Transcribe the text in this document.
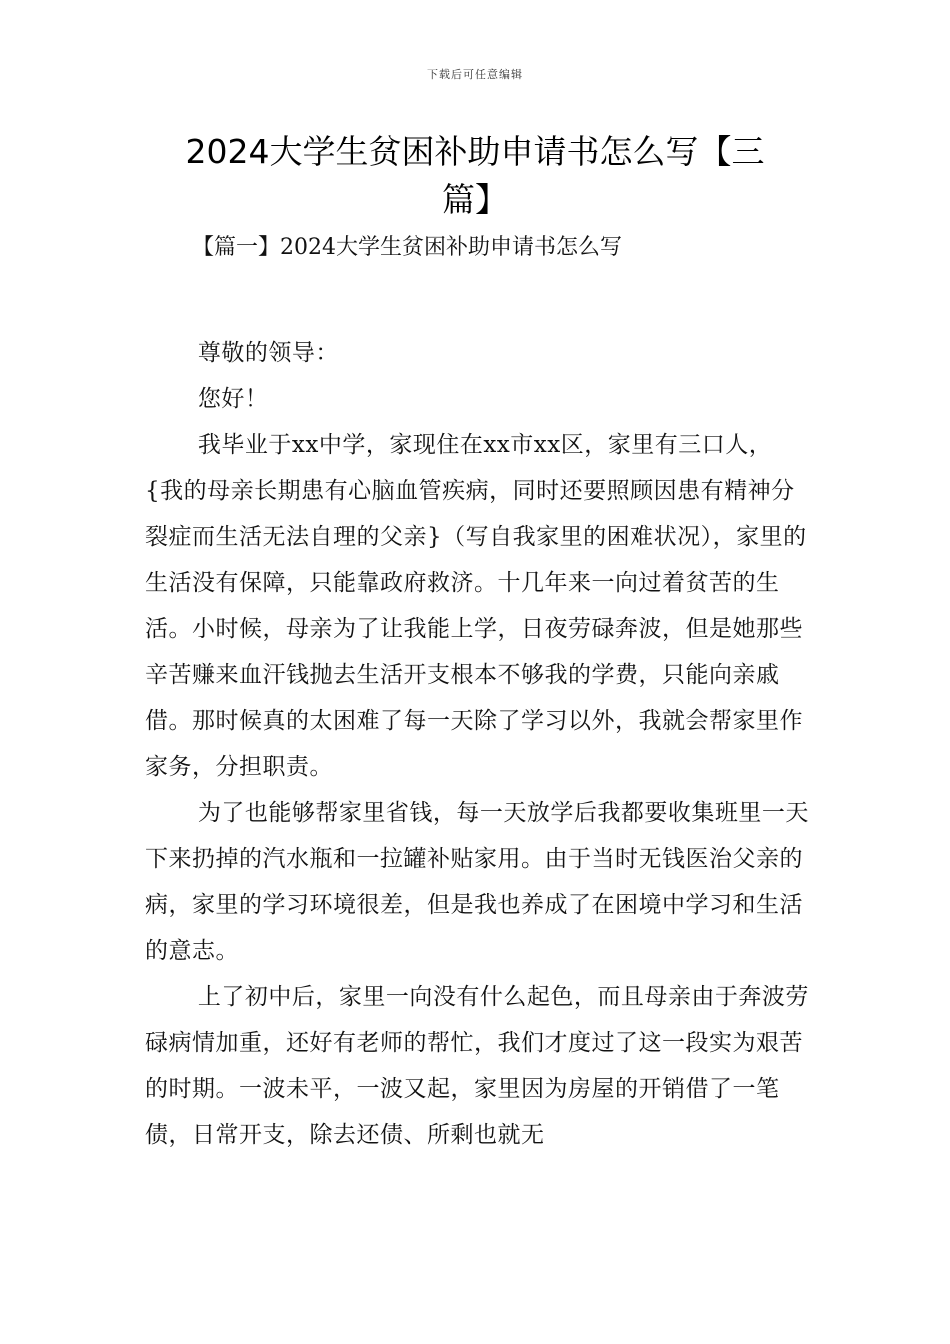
下载后可任意编辑
2024大学生贫困补助申请书怎么写【三篇】
【篇一】2024大学生贫困补助申请书怎么写

尊敬的领导：

您好！

我毕业于xx中学，家现住在xx市xx区，家里有三口人，{我的母亲长期患有心脑血管疾病，同时还要照顾因患有精神分裂症而生活无法自理的父亲}（写自我家里的困难状况），家里的生活没有保障，只能靠政府救济。十几年来一向过着贫苦的生活。小时候，母亲为了让我能上学，日夜劳碌奔波，但是她那些辛苦赚来血汗钱抛去生活开支根本不够我的学费，只能向亲戚借。那时候真的太困难了每一天除了学习以外，我就会帮家里作家务，分担职责。

为了也能够帮家里省钱，每一天放学后我都要收集班里一天下来扔掉的汽水瓶和一拉罐补贴家用。由于当时无钱医治父亲的病，家里的学习环境很差，但是我也养成了在困境中学习和生活的意志。

上了初中后，家里一向没有什么起色，而且母亲由于奔波劳碌病情加重，还好有老师的帮忙，我们才度过了这一段实为艰苦的时期。一波未平，一波又起，家里因为房屋的开销借了一笔债，日常开支，除去还债、所剩也就无
